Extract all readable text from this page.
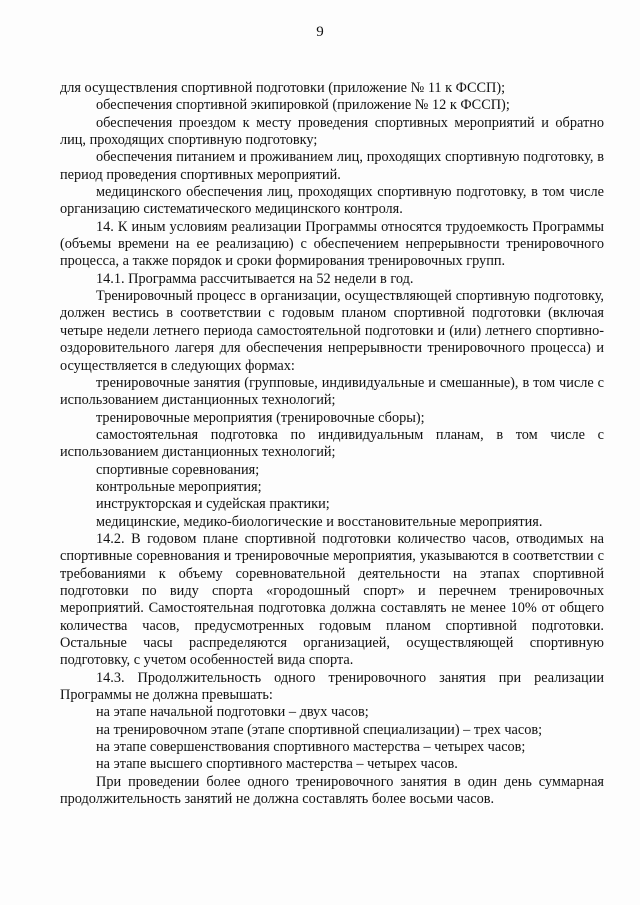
9

для осуществления спортивной подготовки (приложение № 11 к ФССП);

обеспечения спортивной экипировкой (приложение № 12 к ФССП);

обеспечения проездом к месту проведения спортивных мероприятий и обратно лиц, проходящих спортивную подготовку;

обеспечения питанием и проживанием лиц, проходящих спортивную подготовку, в период проведения спортивных мероприятий.

медицинского обеспечения лиц, проходящих спортивную подготовку, в том числе организацию систематического медицинского контроля.

14. К иным условиям реализации Программы относятся трудоемкость Программы (объемы времени на ее реализацию) с обеспечением непрерывности тренировочного процесса, а также порядок и сроки формирования тренировочных групп.

14.1. Программа рассчитывается на 52 недели в год.

Тренировочный процесс в организации, осуществляющей спортивную подготовку, должен вестись в соответствии с годовым планом спортивной подготовки (включая четыре недели летнего периода самостоятельной подготовки и (или) летнего спортивно-оздоровительного лагеря для обеспечения непрерывности тренировочного процесса) и осуществляется в следующих формах:

тренировочные занятия (групповые, индивидуальные и смешанные), в том числе с использованием дистанционных технологий;

тренировочные мероприятия (тренировочные сборы);

самостоятельная подготовка по индивидуальным планам, в том числе с использованием дистанционных технологий;

спортивные соревнования;

контрольные мероприятия;

инструкторская и судейская практики;

медицинские, медико-биологические и восстановительные мероприятия.

14.2. В годовом плане спортивной подготовки количество часов, отводимых на спортивные соревнования и тренировочные мероприятия, указываются в соответствии с требованиями к объему соревновательной деятельности на этапах спортивной подготовки по виду спорта «городошный спорт» и перечнем тренировочных мероприятий. Самостоятельная подготовка должна составлять не менее 10% от общего количества часов, предусмотренных годовым планом спортивной подготовки. Остальные часы распределяются организацией, осуществляющей спортивную подготовку, с учетом особенностей вида спорта.

14.3. Продолжительность одного тренировочного занятия при реализации Программы не должна превышать:

на этапе начальной подготовки – двух часов;

на тренировочном этапе (этапе спортивной специализации) – трех часов;

на этапе совершенствования спортивного мастерства – четырех часов;

на этапе высшего спортивного мастерства – четырех часов.

При проведении более одного тренировочного занятия в один день суммарная продолжительность занятий не должна составлять более восьми часов.
